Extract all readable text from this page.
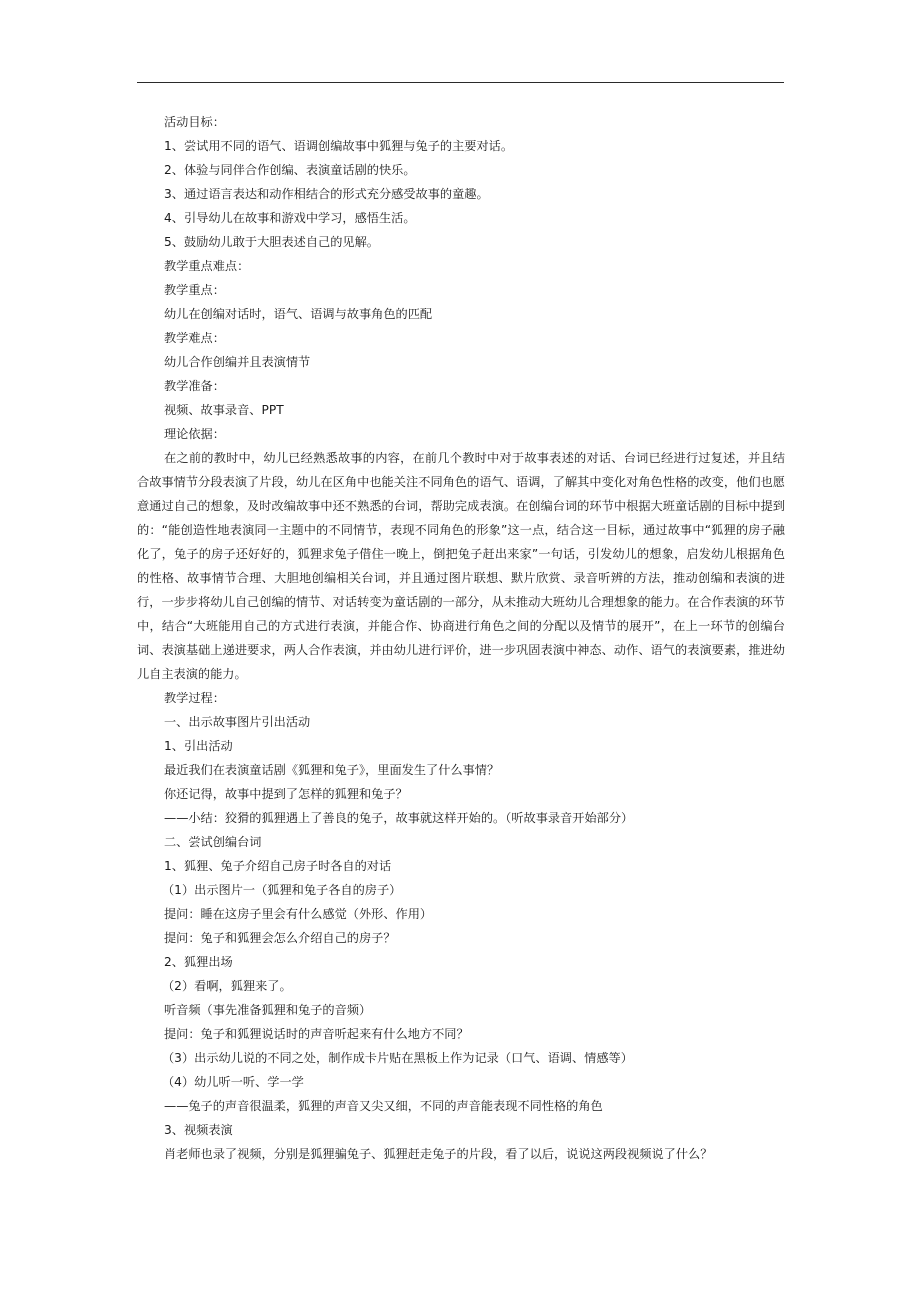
活动目标：
1、尝试用不同的语气、语调创编故事中狐狸与兔子的主要对话。
2、体验与同伴合作创编、表演童话剧的快乐。
3、通过语言表达和动作相结合的形式充分感受故事的童趣。
4、引导幼儿在故事和游戏中学习，感悟生活。
5、鼓励幼儿敢于大胆表述自己的见解。
教学重点难点：
教学重点：
幼儿在创编对话时，语气、语调与故事角色的匹配
教学难点：
幼儿合作创编并且表演情节
教学准备：
视频、故事录音、PPT
理论依据：
在之前的教时中，幼儿已经熟悉故事的内容，在前几个教时中对于故事表述的对话、台词已经进行过复述，并且结合故事情节分段表演了片段，幼儿在区角中也能关注不同角色的语气、语调，了解其中变化对角色性格的改变，他们也愿意通过自己的想象，及时改编故事中还不熟悉的台词，帮助完成表演。在创编台词的环节中根据大班童话剧的目标中提到的：“能创造性地表演同一主题中的不同情节，表现不同角色的形象”这一点，结合这一目标，通过故事中“狐狸的房子融化了，兔子的房子还好好的，狐狸求兔子借住一晚上，倒把兔子赶出来家”一句话，引发幼儿的想象，启发幼儿根据角色的性格、故事情节合理、大胆地创编相关台词，并且通过图片联想、默片欣赏、录音听辨的方法，推动创编和表演的进行，一步步将幼儿自己创编的情节、对话转变为童话剧的一部分，从未推动大班幼儿合理想象的能力。在合作表演的环节中，结合“大班能用自己的方式进行表演，并能合作、协商进行角色之间的分配以及情节的展开”，在上一环节的创编台词、表演基础上递进要求，两人合作表演，并由幼儿进行评价，进一步巩固表演中神态、动作、语气的表演要素，推进幼儿自主表演的能力。
教学过程：
一、出示故事图片引出活动
1、引出活动
最近我们在表演童话剧《狐狸和兔子》，里面发生了什么事情？
你还记得，故事中提到了怎样的狐狸和兔子？
——小结：狡猾的狐狸遇上了善良的兔子，故事就这样开始的。（听故事录音开始部分）
二、尝试创编台词
1、狐狸、兔子介绍自己房子时各自的对话
（1）出示图片一（狐狸和兔子各自的房子）
提问：睡在这房子里会有什么感觉（外形、作用）
提问：兔子和狐狸会怎么介绍自己的房子？
2、狐狸出场
（2）看啊，狐狸来了。
听音频（事先准备狐狸和兔子的音频）
提问：兔子和狐狸说话时的声音听起来有什么地方不同？
（3）出示幼儿说的不同之处，制作成卡片贴在黑板上作为记录（口气、语调、情感等）
（4）幼儿听一听、学一学
——兔子的声音很温柔，狐狸的声音又尖又细，不同的声音能表现不同性格的角色
3、视频表演
肖老师也录了视频，分别是狐狸骗兔子、狐狸赶走兔子的片段，看了以后，说说这两段视频说了什么？
